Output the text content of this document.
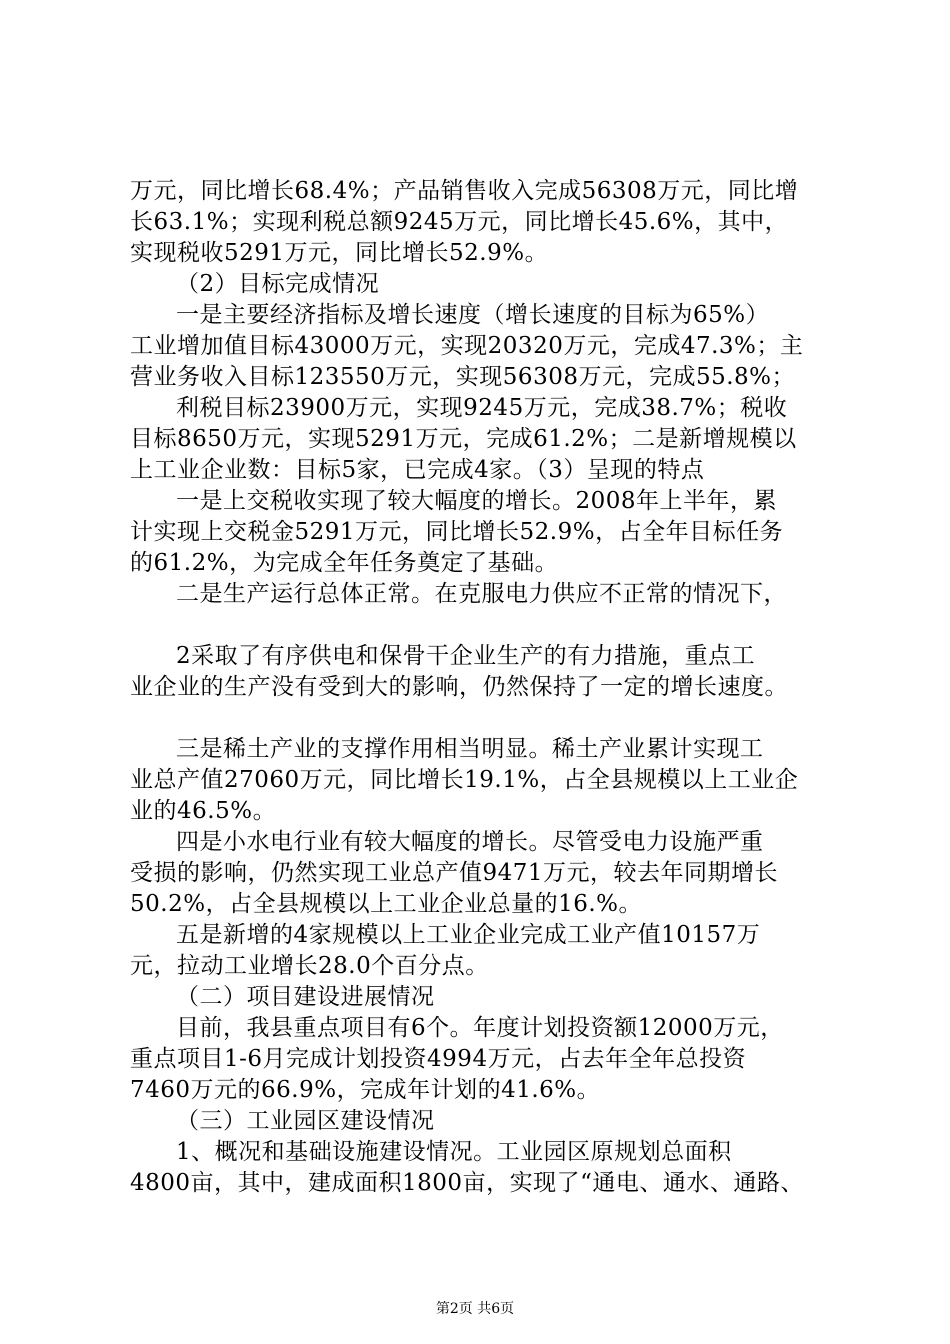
万元，同比增长68.4%；产品销售收入完成56308万元，同比增
长63.1%；实现利税总额9245万元，同比增长45.6%，其中，
实现税收5291万元，同比增长52.9%。
（2）目标完成情况
一是主要经济指标及增长速度（增长速度的目标为65%）
工业增加值目标43000万元，实现20320万元，完成47.3%；主
营业务收入目标123550万元，实现56308万元，完成55.8%；
利税目标23900万元，实现9245万元，完成38.7%；税收
目标8650万元，实现5291万元，完成61.2%；二是新增规模以
上工业企业数：目标5家，已完成4家。（3）呈现的特点
一是上交税收实现了较大幅度的增长。2008年上半年，累
计实现上交税金5291万元，同比增长52.9%，占全年目标任务
的61.2%，为完成全年任务奠定了基础。
二是生产运行总体正常。在克服电力供应不正常的情况下，
2采取了有序供电和保骨干企业生产的有力措施，重点工
业企业的生产没有受到大的影响，仍然保持了一定的增长速度。
三是稀土产业的支撑作用相当明显。稀土产业累计实现工
业总产值27060万元，同比增长19.1%，占全县规模以上工业企
业的46.5%。
四是小水电行业有较大幅度的增长。尽管受电力设施严重
受损的影响，仍然实现工业总产值9471万元，较去年同期增长
50.2%，占全县规模以上工业企业总量的16.%。
五是新增的4家规模以上工业企业完成工业产值10157万
元，拉动工业增长28.0个百分点。
（二）项目建设进展情况
目前，我县重点项目有6个。年度计划投资额12000万元，
重点项目1-6月完成计划投资4994万元，占去年全年总投资
7460万元的66.9%，完成年计划的41.6%。
（三）工业园区建设情况
1、概况和基础设施建设情况。工业园区原规划总面积
4800亩，其中，建成面积1800亩，实现了“通电、通水、通路、
第2页 共6页
